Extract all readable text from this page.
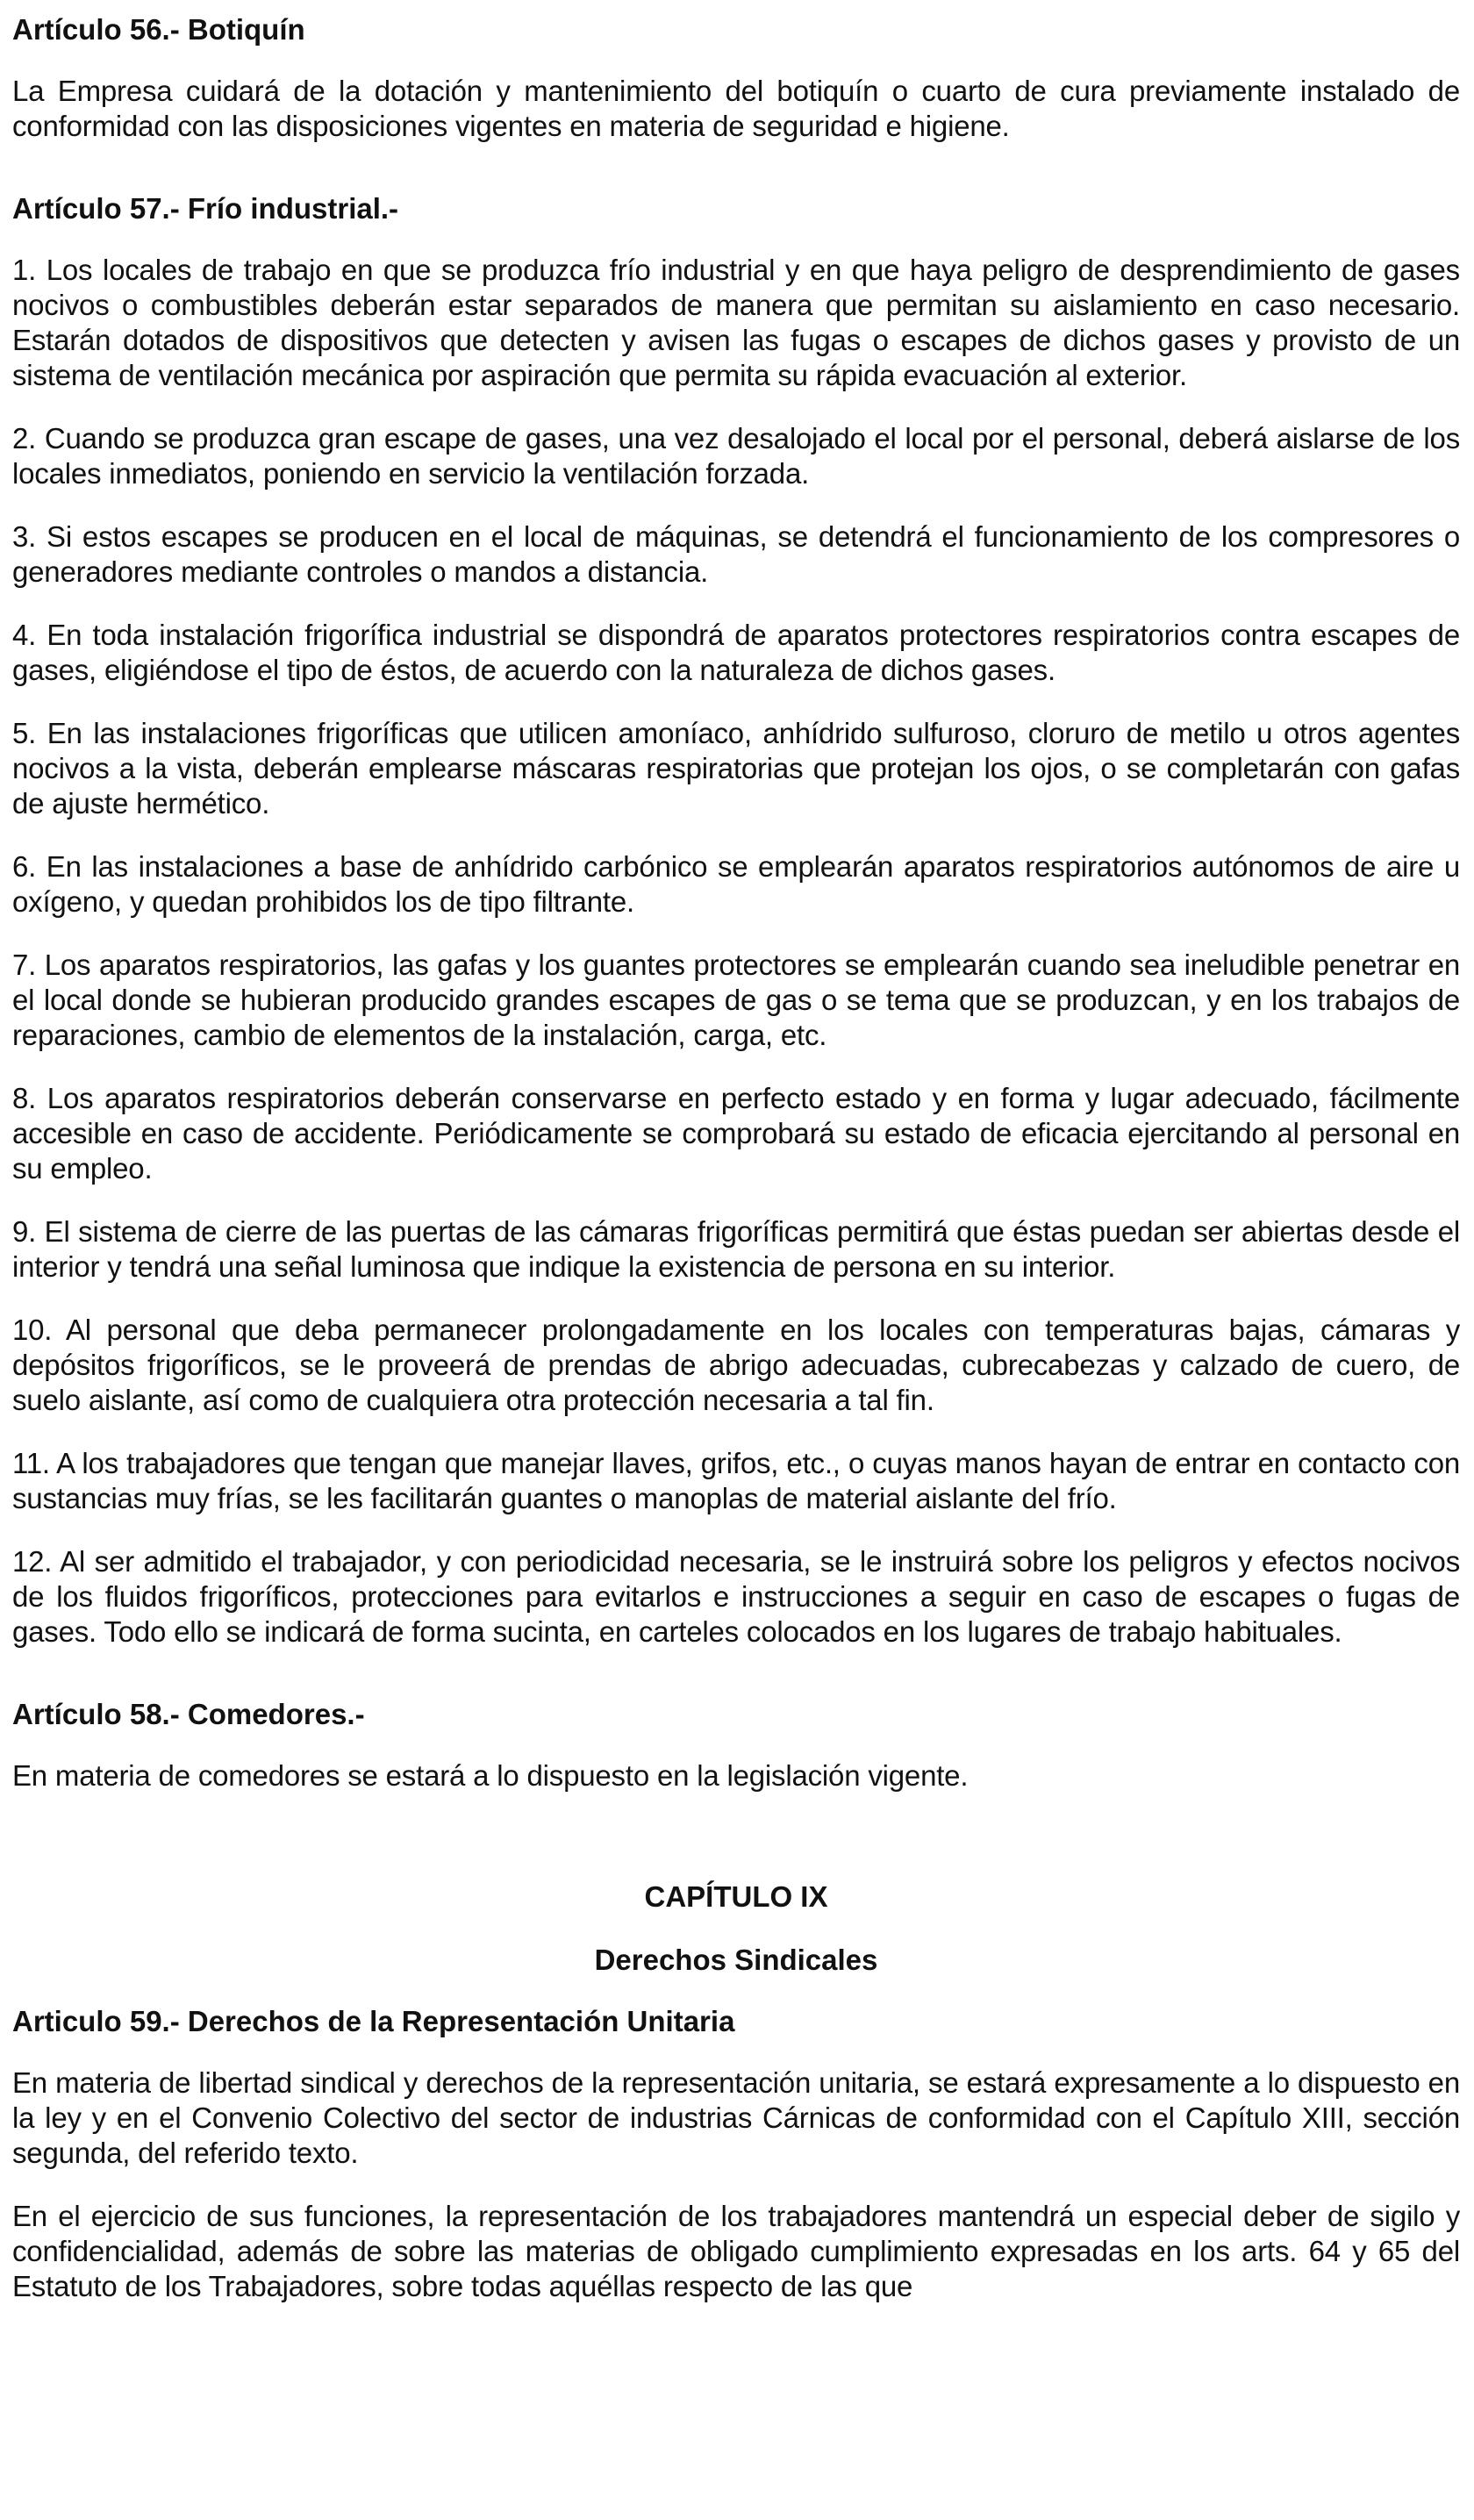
Artículo 56.- Botiquín

La Empresa cuidará de la dotación y mantenimiento del botiquín o cuarto de cura previamente instalado de conformidad con las disposiciones vigentes en materia de seguridad e higiene.

Artículo 57.- Frío industrial.-

1. Los locales de trabajo en que se produzca frío industrial y en que haya peligro de desprendimiento de gases nocivos o combustibles deberán estar separados de manera que permitan su aislamiento en caso necesario. Estarán dotados de dispositivos que detecten y avisen las fugas o escapes de dichos gases y provisto de un sistema de ventilación mecánica por aspiración que permita su rápida evacuación al exterior.

2. Cuando se produzca gran escape de gases, una vez desalojado el local por el personal, deberá aislarse de los locales inmediatos, poniendo en servicio la ventilación forzada.

3. Si estos escapes se producen en el local de máquinas, se detendrá el funcionamiento de los compresores o generadores mediante controles o mandos a distancia.

4. En toda instalación frigorífica industrial se dispondrá de aparatos protectores respiratorios contra escapes de gases, eligiéndose el tipo de éstos, de acuerdo con la naturaleza de dichos gases.

5. En las instalaciones frigoríficas que utilicen amoníaco, anhídrido sulfuroso, cloruro de metilo u otros agentes nocivos a la vista, deberán emplearse máscaras respiratorias que protejan los ojos, o se completarán con gafas de ajuste hermético.

6. En las instalaciones a base de anhídrido carbónico se emplearán aparatos respiratorios autónomos de aire u oxígeno, y quedan prohibidos los de tipo filtrante.

7. Los aparatos respiratorios, las gafas y los guantes protectores se emplearán cuando sea ineludible penetrar en el local donde se hubieran producido grandes escapes de gas o se tema que se produzcan, y en los trabajos de reparaciones, cambio de elementos de la instalación, carga, etc.

8. Los aparatos respiratorios deberán conservarse en perfecto estado y en forma y lugar adecuado, fácilmente accesible en caso de accidente. Periódicamente se comprobará su estado de eficacia ejercitando al personal en su empleo.

9. El sistema de cierre de las puertas de las cámaras frigoríficas permitirá que éstas puedan ser abiertas desde el interior y tendrá una señal luminosa que indique la existencia de persona en su interior.

10. Al personal que deba permanecer prolongadamente en los locales con temperaturas bajas, cámaras y depósitos frigoríficos, se le proveerá de prendas de abrigo adecuadas, cubrecabezas y calzado de cuero, de suelo aislante, así como de cualquiera otra protección necesaria a tal fin.

11. A los trabajadores que tengan que manejar llaves, grifos, etc., o cuyas manos hayan de entrar en contacto con sustancias muy frías, se les facilitarán guantes o manoplas de material aislante del frío.

12. Al ser admitido el trabajador, y con periodicidad necesaria, se le instruirá sobre los peligros y efectos nocivos de los fluidos frigoríficos, protecciones para evitarlos e instrucciones a seguir en caso de escapes o fugas de gases. Todo ello se indicará de forma sucinta, en carteles colocados en los lugares de trabajo habituales.

Artículo 58.- Comedores.-

En materia de comedores se estará a lo dispuesto en la legislación vigente.

CAPÍTULO IX
Derechos Sindicales
Articulo 59.- Derechos de la Representación Unitaria

En materia de libertad sindical y derechos de la representación unitaria, se estará expresamente a lo dispuesto en la ley y en el Convenio Colectivo del sector de industrias Cárnicas de conformidad con el Capítulo XIII, sección segunda, del referido texto.

En el ejercicio de sus funciones, la representación de los trabajadores mantendrá un especial deber de sigilo y confidencialidad, además de sobre las materias de obligado cumplimiento expresadas en los arts. 64 y 65 del Estatuto de los Trabajadores, sobre todas aquéllas respecto de las que
